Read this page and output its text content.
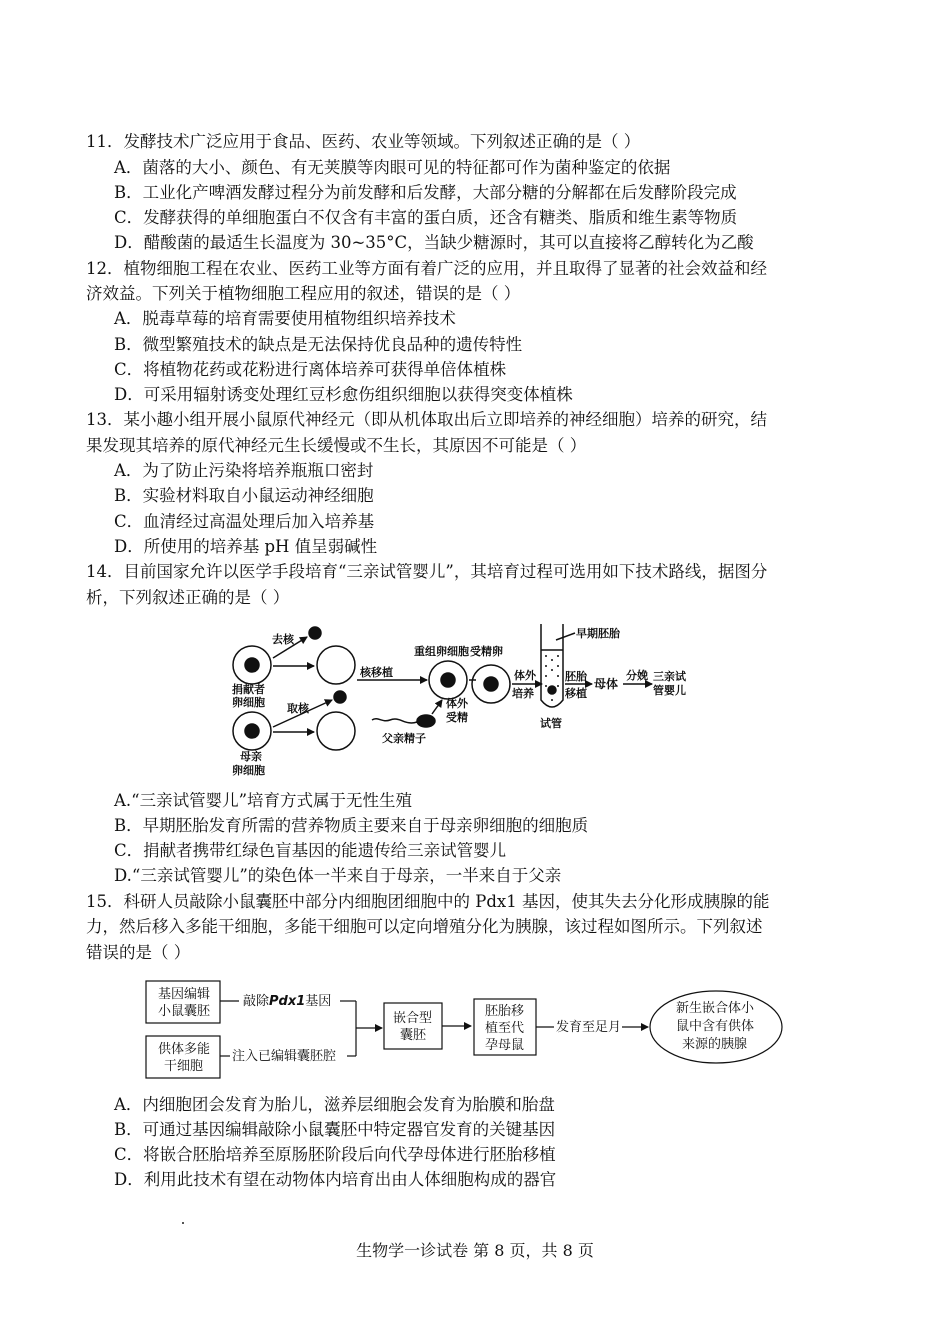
11．发酵技术广泛应用于食品、医药、农业等领域。下列叙述正确的是（ ）
A．菌落的大小、颜色、有无荚膜等肉眼可见的特征都可作为菌种鉴定的依据
B．工业化产啤酒发酵过程分为前发酵和后发酵，大部分糖的分解都在后发酵阶段完成
C．发酵获得的单细胞蛋白不仅含有丰富的蛋白质，还含有糖类、脂质和维生素等物质
D．醋酸菌的最适生长温度为 30~35°C，当缺少糖源时，其可以直接将乙醇转化为乙酸
12．植物细胞工程在农业、医药工业等方面有着广泛的应用，并且取得了显著的社会效益和经
济效益。下列关于植物细胞工程应用的叙述，错误的是（ ）
A．脱毒草莓的培育需要使用植物组织培养技术
B．微型繁殖技术的缺点是无法保持优良品种的遗传特性
C．将植物花药或花粉进行离体培养可获得单倍体植株
D．可采用辐射诱变处理红豆杉愈伤组织细胞以获得突变体植株
13．某小趣小组开展小鼠原代神经元（即从机体取出后立即培养的神经细胞）培养的研究，结
果发现其培养的原代神经元生长缓慢或不生长，其原因不可能是（ ）
A．为了防止污染将培养瓶瓶口密封
B．实验材料取自小鼠运动神经细胞
C．血清经过高温处理后加入培养基
D．所使用的培养基 pH 值呈弱碱性
14．目前国家允许以医学手段培育“三亲试管婴儿”，其培育过程可选用如下技术路线，据图分
析，下列叙述正确的是（ ）
去核
捐献者
卵细胞 取核
母亲
卵细胞
核移植
重组卵细胞
体外
受精
受精卵
体外
培养
父亲精子
早期胚胎
胚胎
移植
试管
母体
分娩 三亲试
管婴儿
A.“三亲试管婴儿”培育方式属于无性生殖
B．早期胚胎发育所需的营养物质主要来自于母亲卵细胞的细胞质
C．捐献者携带红绿色盲基因的能遗传给三亲试管婴儿
D.“三亲试管婴儿”的染色体一半来自于母亲，一半来自于父亲
15．科研人员敲除小鼠囊胚中部分内细胞团细胞中的 Pdx1 基因，使其失去分化形成胰腺的能
力，然后移入多能干细胞，多能干细胞可以定向增殖分化为胰腺，该过程如图所示。下列叙述
错误的是（ ）
基因编辑
小鼠囊胚
供体多能
干细胞
敲除Pdx1基因
注入已编辑囊胚腔
嵌合型
囊胚
胚胎移
植至代
孕母鼠
发育至足月
新生嵌合体小
鼠中含有供体
来源的胰腺
A．内细胞团会发育为胎儿，滋养层细胞会发育为胎膜和胎盘
B．可通过基因编辑敲除小鼠囊胚中特定器官发育的关键基因
C．将嵌合胚胎培养至原肠胚阶段后向代孕母体进行胚胎移植
D．利用此技术有望在动物体内培育出由人体细胞构成的器官
生物学一诊试卷 第 8 页，共 8 页
